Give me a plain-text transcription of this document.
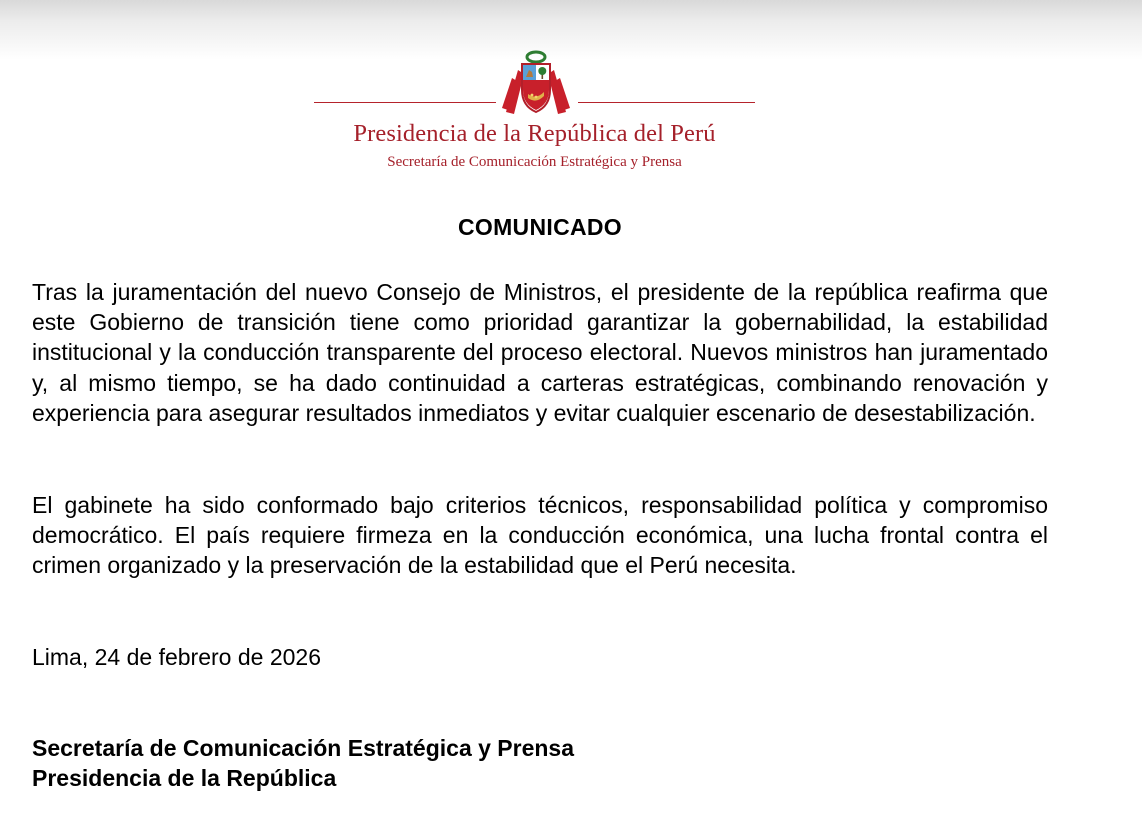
Presidencia de la República del Perú
Secretaría de Comunicación Estratégica y Prensa
COMUNICADO

Tras la juramentación del nuevo Consejo de Ministros, el presidente de la república reafirma que este Gobierno de transición tiene como prioridad garantizar la gobernabilidad, la estabilidad institucional y la conducción transparente del proceso electoral. Nuevos ministros han juramentado y, al mismo tiempo, se ha dado continuidad a carteras estratégicas, combinando renovación y experiencia para asegurar resultados inmediatos y evitar cualquier escenario de desestabilización.

El gabinete ha sido conformado bajo criterios técnicos, responsabilidad política y compromiso democrático. El país requiere firmeza en la conducción económica, una lucha frontal contra el crimen organizado y la preservación de la estabilidad que el Perú necesita.

Lima, 24 de febrero de 2026
Secretaría de Comunicación Estratégica y Prensa
Presidencia de la República
